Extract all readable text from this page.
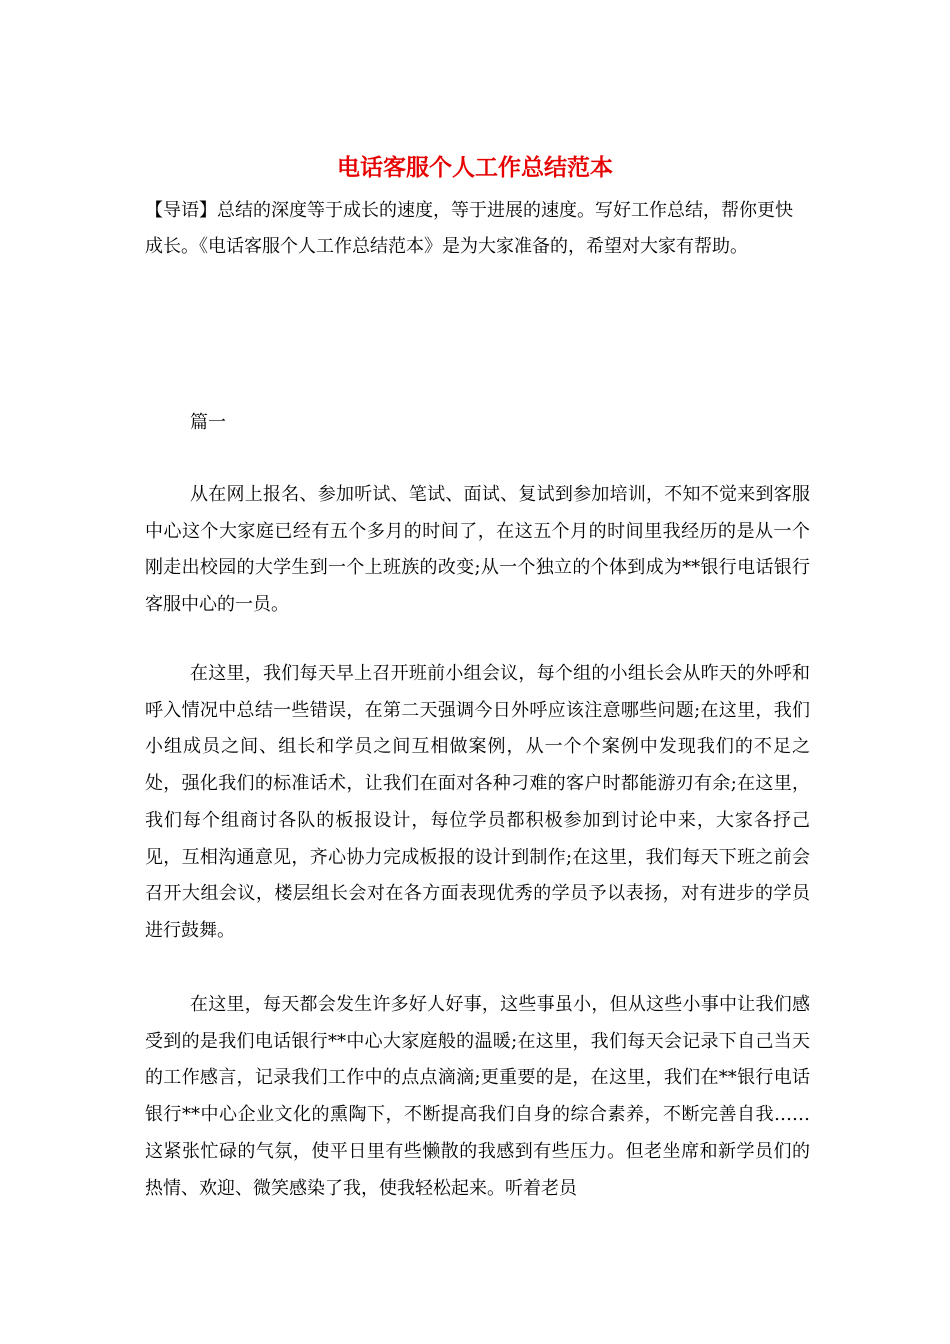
电话客服个人工作总结范本

【导语】总结的深度等于成长的速度，等于进展的速度。写好工作总结，帮你更快成长。《电话客服个人工作总结范本》是为大家准备的，希望对大家有帮助。

篇一

从在网上报名、参加听试、笔试、面试、复试到参加培训，不知不觉来到客服中心这个大家庭已经有五个多月的时间了，在这五个月的时间里我经历的是从一个刚走出校园的大学生到一个上班族的改变;从一个独立的个体到成为**银行电话银行客服中心的一员。

在这里，我们每天早上召开班前小组会议，每个组的小组长会从昨天的外呼和呼入情况中总结一些错误，在第二天强调今日外呼应该注意哪些问题;在这里，我们小组成员之间、组长和学员之间互相做案例，从一个个案例中发现我们的不足之处，强化我们的标准话术，让我们在面对各种刁难的客户时都能游刃有余;在这里，我们每个组商讨各队的板报设计，每位学员都积极参加到讨论中来，大家各抒己见，互相沟通意见，齐心协力完成板报的设计到制作;在这里，我们每天下班之前会召开大组会议，楼层组长会对在各方面表现优秀的学员予以表扬，对有进步的学员进行鼓舞。

在这里，每天都会发生许多好人好事，这些事虽小，但从这些小事中让我们感受到的是我们电话银行**中心大家庭般的温暖;在这里，我们每天会记录下自己当天的工作感言，记录我们工作中的点点滴滴;更重要的是，在这里，我们在**银行电话银行**中心企业文化的熏陶下，不断提高我们自身的综合素养，不断完善自我……这紧张忙碌的气氛，使平日里有些懒散的我感到有些压力。但老坐席和新学员们的热情、欢迎、微笑感染了我，使我轻松起来。听着老员
